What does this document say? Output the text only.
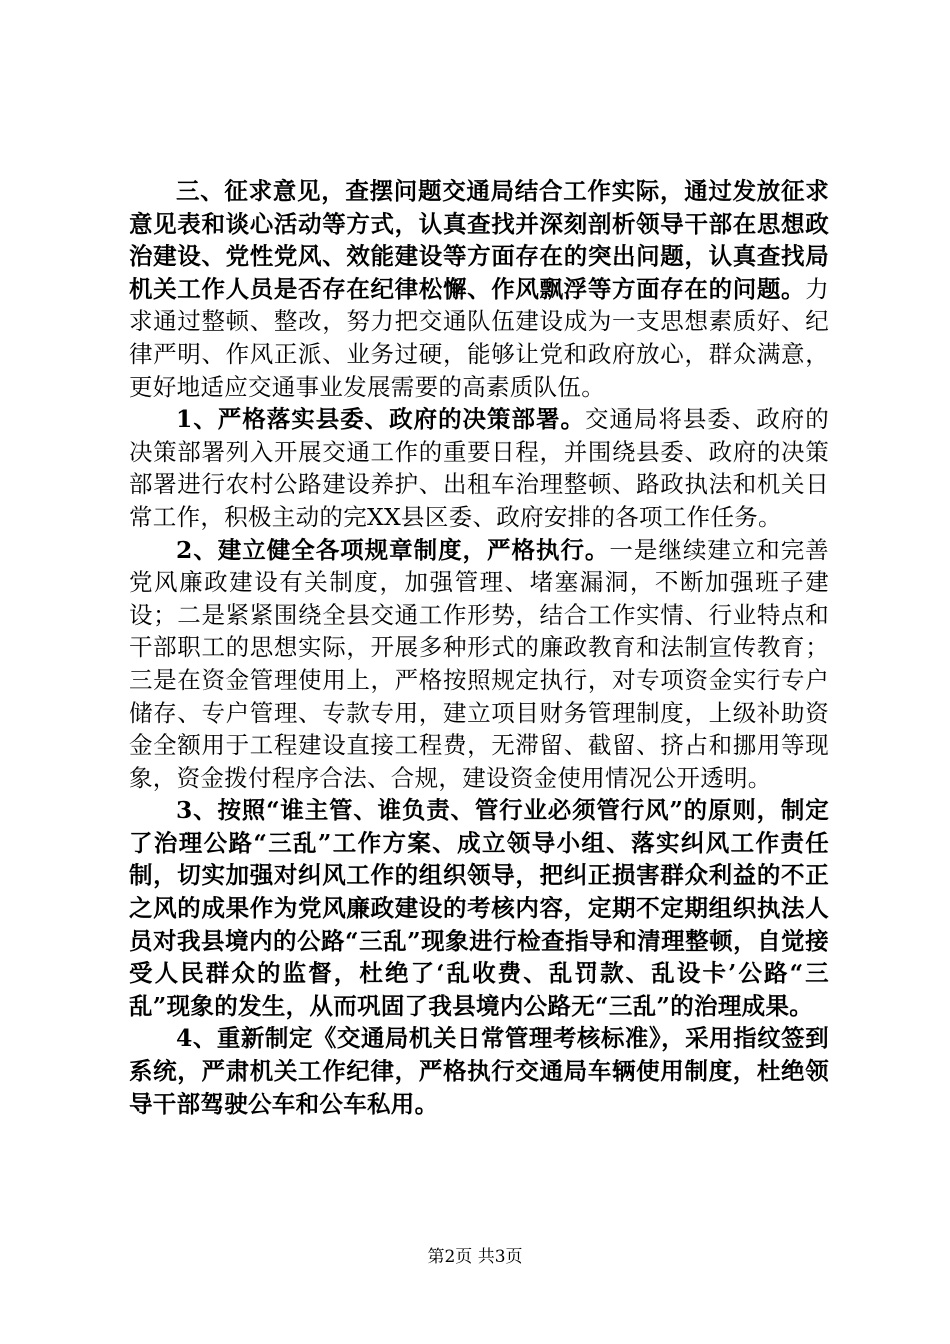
三、征求意见，查摆问题交通局结合工作实际，通过发放征求意见表和谈心活动等方式，认真查找并深刻剖析领导干部在思想政治建设、党性党风、效能建设等方面存在的突出问题，认真查找局机关工作人员是否存在纪律松懈、作风飘浮等方面存在的问题。力求通过整顿、整改，努力把交通队伍建设成为一支思想素质好、纪律严明、作风正派、业务过硬，能够让党和政府放心，群众满意，更好地适应交通事业发展需要的高素质队伍。

1、严格落实县委、政府的决策部署。交通局将县委、政府的决策部署列入开展交通工作的重要日程，并围绕县委、政府的决策部署进行农村公路建设养护、出租车治理整顿、路政执法和机关日常工作，积极主动的完XX县区委、政府安排的各项工作任务。

2、建立健全各项规章制度，严格执行。一是继续建立和完善党风廉政建设有关制度，加强管理、堵塞漏洞，不断加强班子建设；二是紧紧围绕全县交通工作形势，结合工作实情、行业特点和干部职工的思想实际，开展多种形式的廉政教育和法制宣传教育；三是在资金管理使用上，严格按照规定执行，对专项资金实行专户储存、专户管理、专款专用，建立项目财务管理制度，上级补助资金全额用于工程建设直接工程费，无滞留、截留、挤占和挪用等现象，资金拨付程序合法、合规，建设资金使用情况公开透明。

3、按照“谁主管、谁负责、管行业必须管行风”的原则，制定了治理公路“三乱”工作方案、成立领导小组、落实纠风工作责任制，切实加强对纠风工作的组织领导，把纠正损害群众利益的不正之风的成果作为党风廉政建设的考核内容，定期不定期组织执法人员对我县境内的公路“三乱”现象进行检查指导和清理整顿，自觉接受人民群众的监督，杜绝了‘乱收费、乱罚款、乱设卡’公路“三乱”现象的发生，从而巩固了我县境内公路无“三乱”的治理成果。

4、重新制定《交通局机关日常管理考核标准》，采用指纹签到系统，严肃机关工作纪律，严格执行交通局车辆使用制度，杜绝领导干部驾驶公车和公车私用。

第2页 共3页
